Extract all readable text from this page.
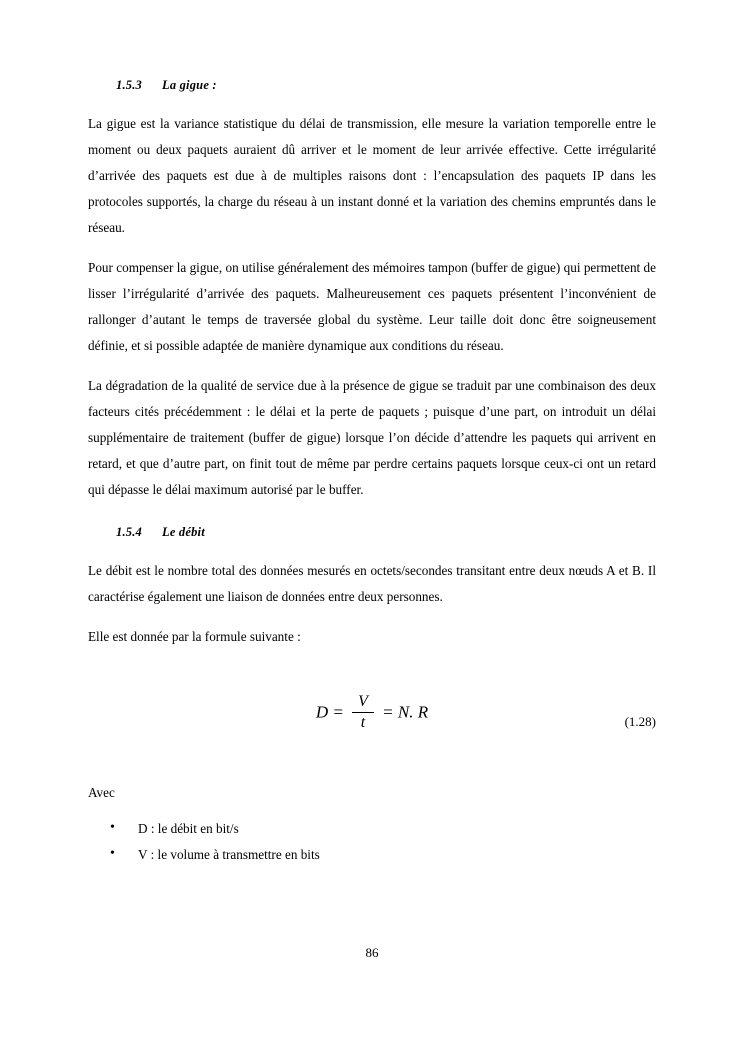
1.5.3 La gigue :

La gigue est la variance statistique du délai de transmission, elle mesure la variation temporelle entre le moment ou deux paquets auraient dû arriver et le moment de leur arrivée effective. Cette irrégularité d’arrivée des paquets est due à de multiples raisons dont : l’encapsulation des paquets IP dans les protocoles supportés, la charge du réseau à un instant donné et la variation des chemins empruntés dans le réseau.

Pour compenser la gigue, on utilise généralement des mémoires tampon (buffer de gigue) qui permettent de lisser l’irrégularité d’arrivée des paquets. Malheureusement ces paquets présentent l’inconvénient de rallonger d’autant le temps de traversée global du système. Leur taille doit donc être soigneusement définie, et si possible adaptée de manière dynamique aux conditions du réseau.

La dégradation de la qualité de service due à la présence de gigue se traduit par une combinaison des deux facteurs cités précédemment : le délai et la perte de paquets ; puisque d’une part, on introduit un délai supplémentaire de traitement (buffer de gigue) lorsque l’on décide d’attendre les paquets qui arrivent en retard, et que d’autre part, on finit tout de même par perdre certains paquets lorsque ceux-ci ont un retard qui dépasse le délai maximum autorisé par le buffer.

1.5.4 Le débit

Le débit est le nombre total des données mesurés en octets/secondes transitant entre deux nœuds A et B. Il caractérise également une liaison de données entre deux personnes.

Elle est donnée par la formule suivante :

$D = \frac{V}{t} = N$. R
(1.28)

Avec

• D : le débit en bit/s
• V : le volume à transmettre en bits
86
